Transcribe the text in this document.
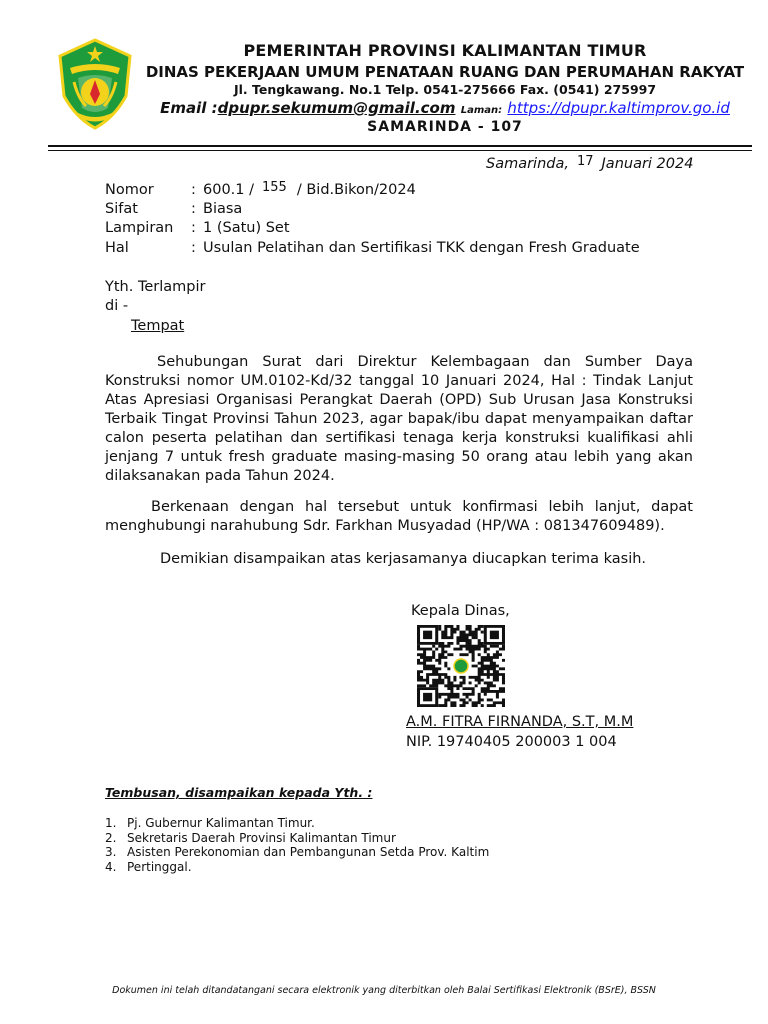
PEMERINTAH PROVINSI KALIMANTAN TIMUR
DINAS PEKERJAAN UMUM PENATAAN RUANG DAN PERUMAHAN RAKYAT
Jl. Tengkawang. No.1 Telp. 0541-275666 Fax. (0541) 275997
Email :dpupr.sekumum@gmail.com Laman: https://dpupr.kaltimprov.go.id
SAMARINDA - 107
Samarinda, 17 Januari 2024
Nomor	: 600.1 / 155 / Bid.Bikon/2024
Sifat	: Biasa
Lampiran : 1 (Satu) Set
Hal	: Usulan Pelatihan dan Sertifikasi TKK dengan Fresh Graduate
Yth. Terlampir
di -
Tempat
Sehubungan Surat dari Direktur Kelembagaan dan Sumber Daya Konstruksi nomor UM.0102-Kd/32 tanggal 10 Januari 2024, Hal : Tindak Lanjut Atas Apresiasi Organisasi Perangkat Daerah (OPD) Sub Urusan Jasa Konstruksi Terbaik Tingat Provinsi Tahun 2023, agar bapak/ibu dapat menyampaikan daftar calon peserta pelatihan dan sertifikasi tenaga kerja konstruksi kualifikasi ahli jenjang 7 untuk fresh graduate masing-masing 50 orang atau lebih yang akan dilaksanakan pada Tahun 2024.
Berkenaan dengan hal tersebut untuk konfirmasi lebih lanjut, dapat menghubungi narahubung Sdr. Farkhan Musyadad (HP/WA : 081347609489).
Demikian disampaikan atas kerjasamanya diucapkan terima kasih.
Kepala Dinas,
A.M. FITRA FIRNANDA, S.T, M.M
NIP. 19740405 200003 1 004
Tembusan, disampaikan kepada Yth. :
1. Pj. Gubernur Kalimantan Timur.
2. Sekretaris Daerah Provinsi Kalimantan Timur
3. Asisten Perekonomian dan Pembangunan Setda Prov. Kaltim
4. Pertinggal.
Dokumen ini telah ditandatangani secara elektronik yang diterbitkan oleh Balai Sertifikasi Elektronik (BSrE), BSSN
